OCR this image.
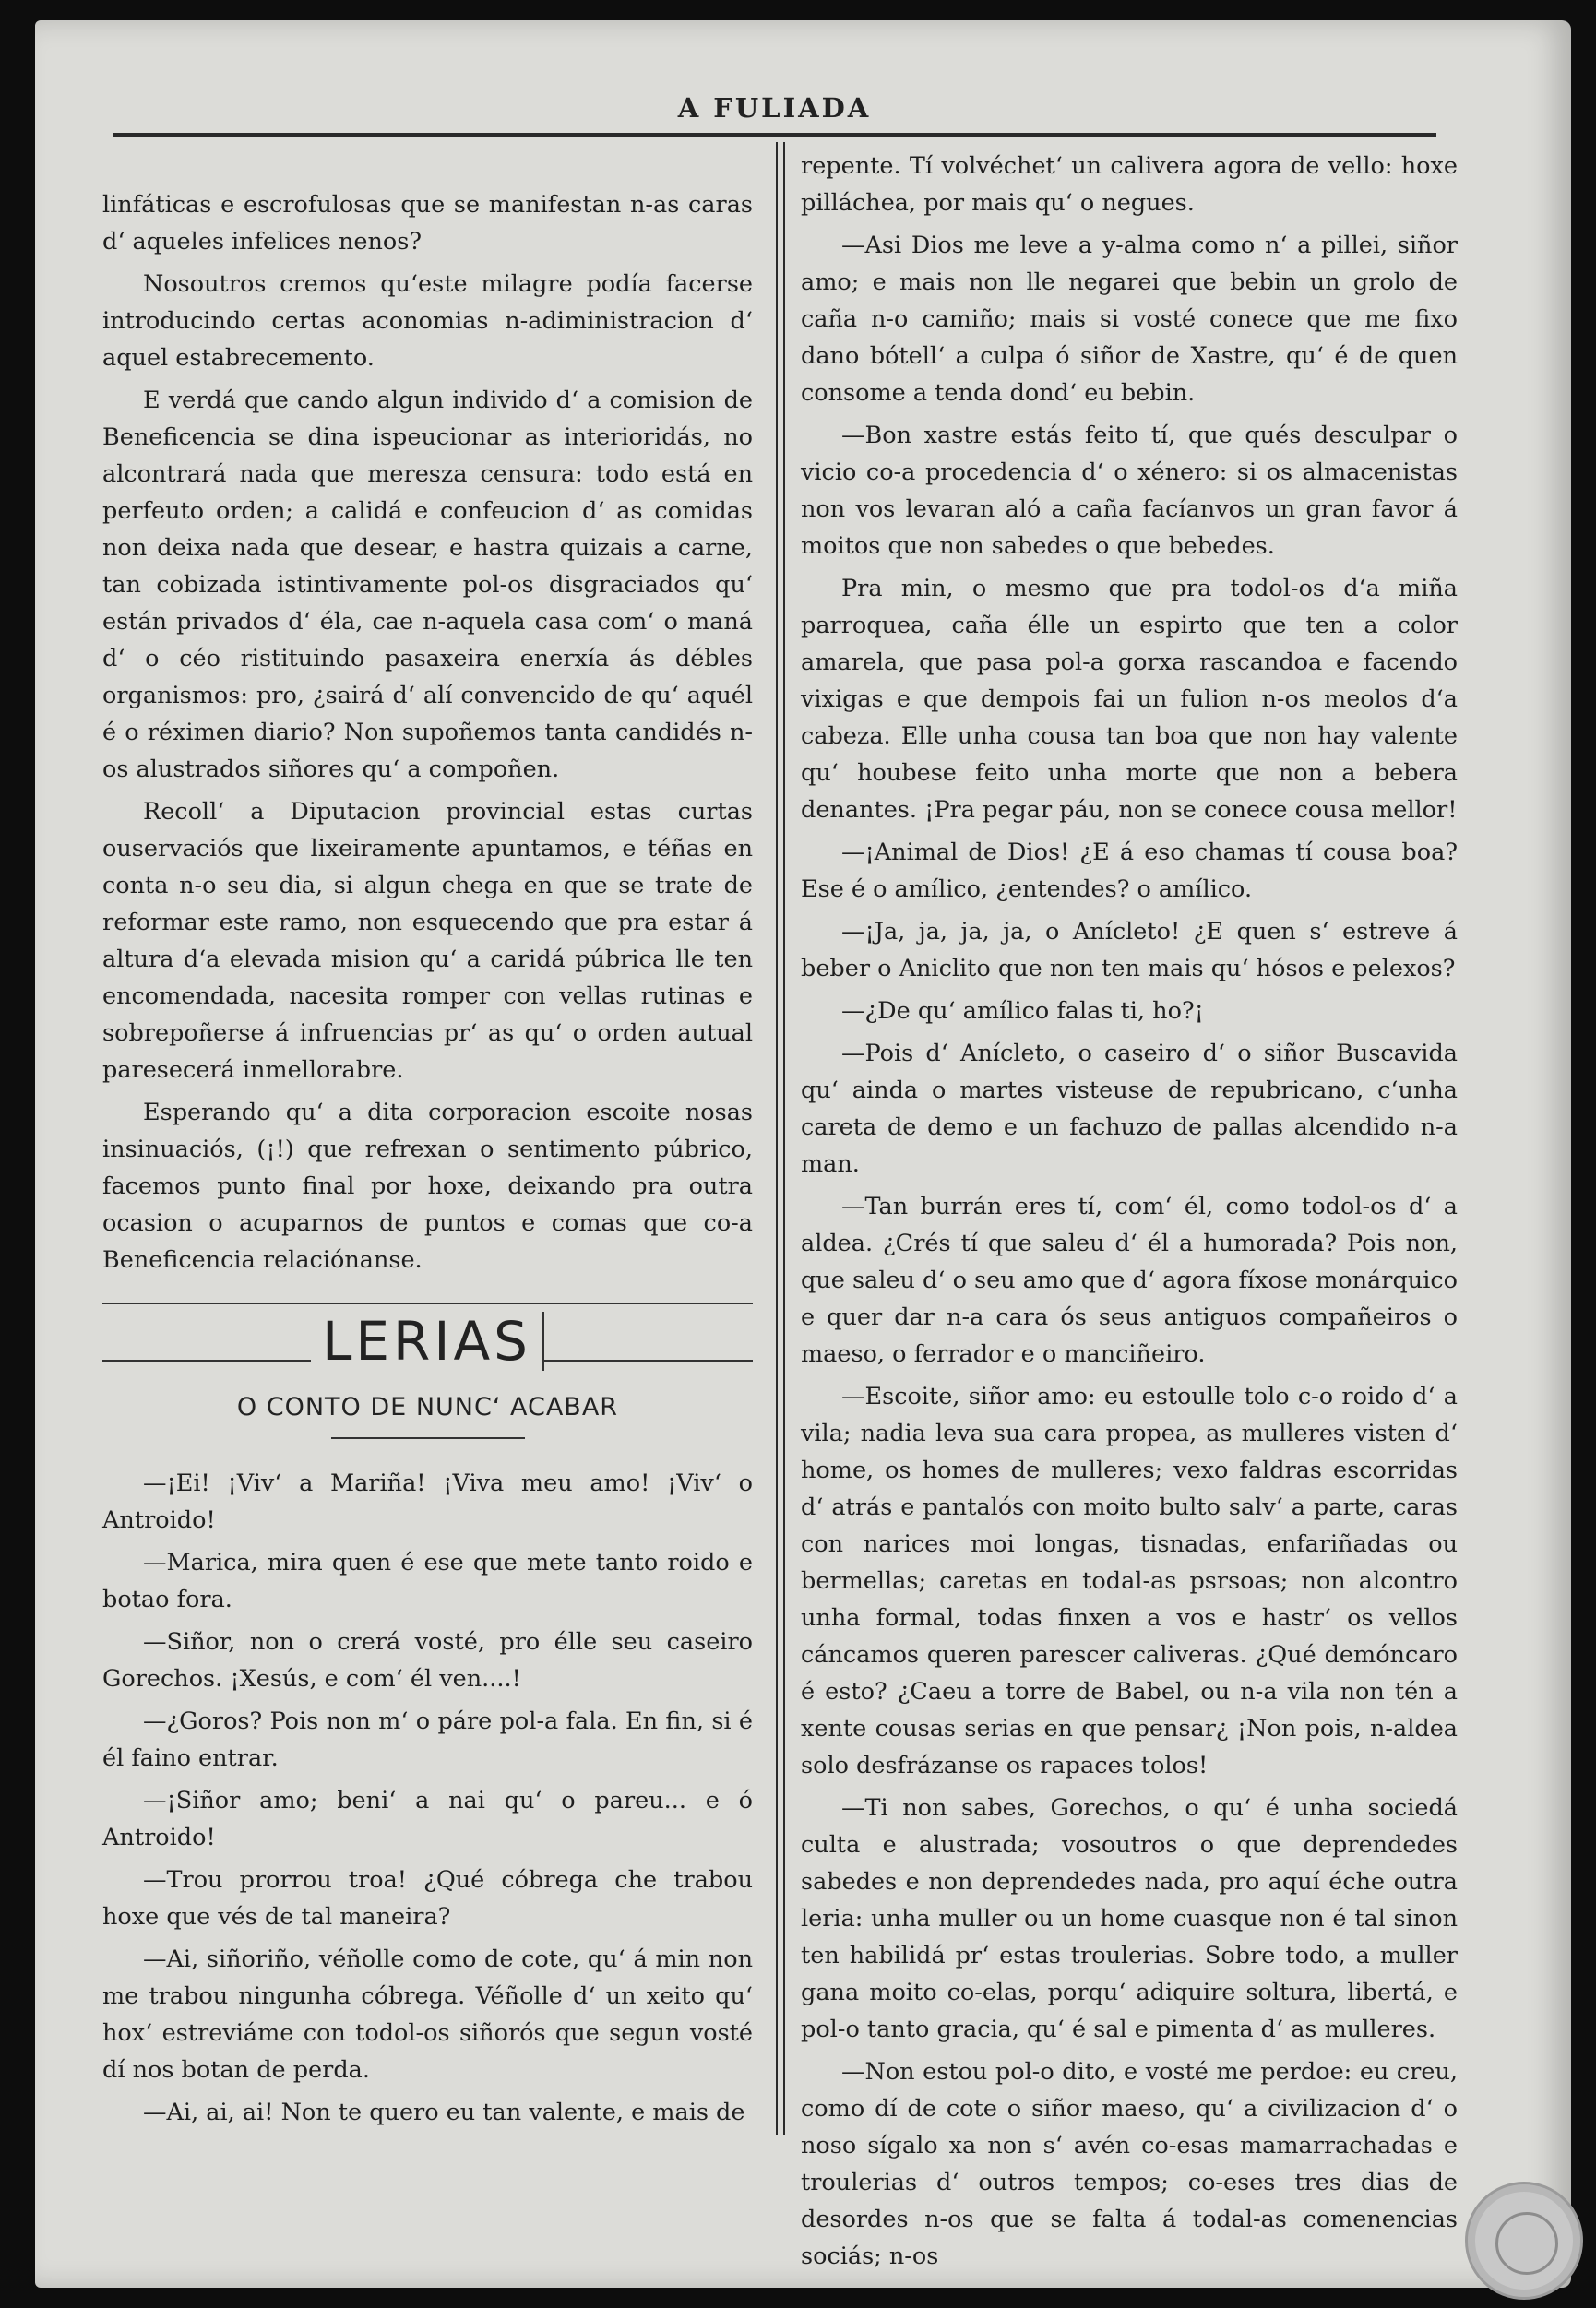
A FULIADA

linfáticas e escrofulosas que se manifestan n-as caras d‘ aqueles infelices nenos?

Nosoutros cremos qu‘este milagre podía facerse introducindo certas aconomias n-adiministracion d‘ aquel estabrecemento.

E verdá que cando algun individo d‘ a comision de Beneficencia se dina ispeucionar as interioridás, no alcontrará nada que meresza censura: todo está en perfeuto orden; a calidá e confeucion d‘ as comidas non deixa nada que desear, e hastra quizais a carne, tan cobizada istintivamente pol-os disgraciados qu‘ están privados d‘ éla, cae n-aquela casa com‘ o maná d‘ o céo ristituindo pasaxeira enerxía ás débles organismos: pro, ¿sairá d‘ alí convencido de qu‘ aquél é o réximen diario? Non supoñemos tanta candidés n-os alustrados siñores qu‘ a compoñen.

Recoll‘ a Diputacion provincial estas curtas ouservaciós que lixeiramente apuntamos, e téñas en conta n-o seu dia, si algun chega en que se trate de reformar este ramo, non esquecendo que pra estar á altura d‘a elevada mision qu‘ a caridá púbrica lle ten encomendada, nacesita romper con vellas rutinas e sobrepoñerse á infruencias pr‘ as qu‘ o orden autual paresecerá inmellorabre.

Esperando qu‘ a dita corporacion escoite nosas insinuaciós, (¡!) que refrexan o sentimento púbrico, facemos punto final por hoxe, deixando pra outra ocasion o acuparnos de puntos e comas que co-a Beneficencia relaciónanse.

LERIAS
O CONTO DE NUNC‘ ACABAR

—¡Ei! ¡Viv‘ a Mariña! ¡Viva meu amo! ¡Viv‘ o Antroido!

—Marica, mira quen é ese que mete tanto roido e botao fora.

—Siñor, non o crerá vosté, pro élle seu caseiro Gorechos. ¡Xesús, e com‘ él ven....!

—¿Goros? Pois non m‘ o páre pol-a fala. En fin, si é él faino entrar.

—¡Siñor amo; beni‘ a nai qu‘ o pareu... e ó Antroido!

—Trou prorrou troa! ¿Qué cóbrega che trabou hoxe que vés de tal maneira?

—Ai, siñoriño, véñolle como de cote, qu‘ á min non me trabou ningunha cóbrega. Véñolle d‘ un xeito qu‘ hox‘ estreviáme con todol-os siñorós que segun vosté dí nos botan de perda.

—Ai, ai, ai! Non te quero eu tan valente, e mais de

repente. Tí volvéchet‘ un calivera agora de vello: hoxe pilláchea, por mais qu‘ o negues.

—Asi Dios me leve a y-alma como n‘ a pillei, siñor amo; e mais non lle negarei que bebin un grolo de caña n-o camiño; mais si vosté conece que me fixo dano bótell‘ a culpa ó siñor de Xastre, qu‘ é de quen consome a tenda dond‘ eu bebin.

—Bon xastre estás feito tí, que qués desculpar o vicio co-a procedencia d‘ o xénero: si os almacenistas non vos levaran aló a caña facíanvos un gran favor á moitos que non sabedes o que bebedes.

Pra min, o mesmo que pra todol-os d‘a miña parroquea, caña élle un espirto que ten a color amarela, que pasa pol-a gorxa rascandoa e facendo vixigas e que dempois fai un fulion n-os meolos d‘a cabeza. Elle unha cousa tan boa que non hay valente qu‘ houbese feito unha morte que non a bebera denantes. ¡Pra pegar páu, non se conece cousa mellor!

—¡Animal de Dios! ¿E á eso chamas tí cousa boa? Ese é o amílico, ¿entendes? o amílico.

—¡Ja, ja, ja, ja, o Anícleto! ¿E quen s‘ estreve á beber o Aniclito que non ten mais qu‘ hósos e pelexos?

—¿De qu‘ amílico falas ti, ho?¡

—Pois d‘ Anícleto, o caseiro d‘ o siñor Buscavida qu‘ ainda o martes visteuse de repubricano, c‘unha careta de demo e un fachuzo de pallas alcendido n-a man.

—Tan burrán eres tí, com‘ él, como todol-os d‘ a aldea. ¿Crés tí que saleu d‘ él a humorada? Pois non, que saleu d‘ o seu amo que d‘ agora fíxose monárquico e quer dar n-a cara ós seus antiguos compañeiros o maeso, o ferrador e o manciñeiro.

—Escoite, siñor amo: eu estoulle tolo c-o roido d‘ a vila; nadia leva sua cara propea, as mulleres visten d‘ home, os homes de mulleres; vexo faldras escorridas d‘ atrás e pantalós con moito bulto salv‘ a parte, caras con narices moi longas, tisnadas, enfariñadas ou bermellas; caretas en todal-as psrsoas; non alcontro unha formal, todas finxen a vos e hastr‘ os vellos cáncamos queren parescer caliveras. ¿Qué demóncaro é esto? ¿Caeu a torre de Babel, ou n-a vila non tén a xente cousas serias en que pensar¿ ¡Non pois, n-aldea solo desfrázanse os rapaces tolos!

—Ti non sabes, Gorechos, o qu‘ é unha sociedá culta e alustrada; vosoutros o que deprendedes sabedes e non deprendedes nada, pro aquí éche outra leria: unha muller ou un home cuasque non é tal sinon ten habilidá pr‘ estas troulerias. Sobre todo, a muller gana moito co-elas, porqu‘ adiquire soltura, libertá, e pol-o tanto gracia, qu‘ é sal e pimenta d‘ as mulleres.

—Non estou pol-o dito, e vosté me perdoe: eu creu, como dí de cote o siñor maeso, qu‘ a civilizacion d‘ o noso sígalo xa non s‘ avén co-esas mamarrachadas e troulerias d‘ outros tempos; co-eses tres dias de desordes n-os que se falta á todal-as comenencias sociás; n-os
